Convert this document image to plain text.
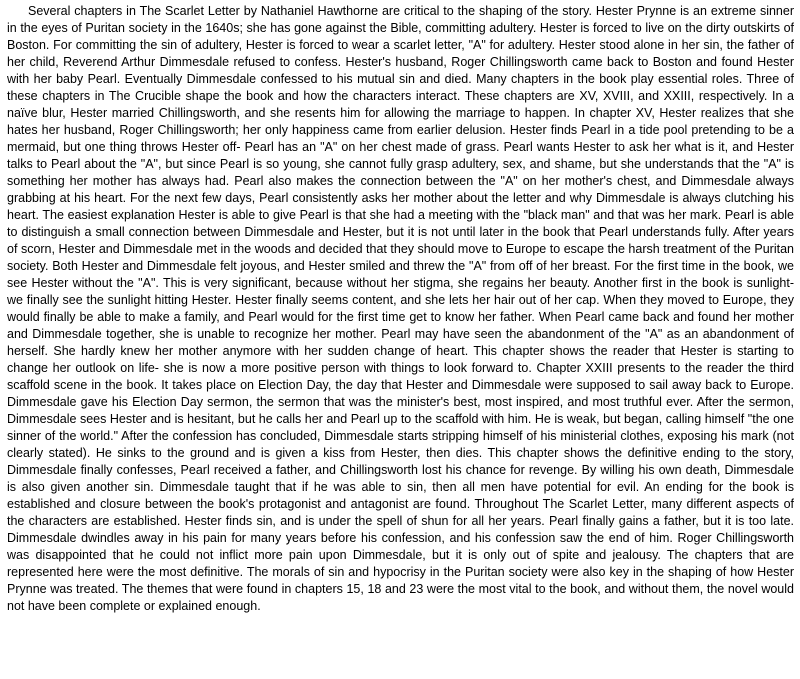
Several chapters in The Scarlet Letter by Nathaniel Hawthorne are critical to the shaping of the story. Hester Prynne is an extreme sinner in the eyes of Puritan society in the 1640s; she has gone against the Bible, committing adultery. Hester is forced to live on the dirty outskirts of Boston. For committing the sin of adultery, Hester is forced to wear a scarlet letter, "A" for adultery. Hester stood alone in her sin, the father of her child, Reverend Arthur Dimmesdale refused to confess. Hester's husband, Roger Chillingsworth came back to Boston and found Hester with her baby Pearl. Eventually Dimmesdale confessed to his mutual sin and died. Many chapters in the book play essential roles. Three of these chapters in The Crucible shape the book and how the characters interact. These chapters are XV, XVIII, and XXIII, respectively. In a naïve blur, Hester married Chillingsworth, and she resents him for allowing the marriage to happen. In chapter XV, Hester realizes that she hates her husband, Roger Chillingsworth; her only happiness came from earlier delusion. Hester finds Pearl in a tide pool pretending to be a mermaid, but one thing throws Hester off- Pearl has an "A" on her chest made of grass. Pearl wants Hester to ask her what is it, and Hester talks to Pearl about the "A", but since Pearl is so young, she cannot fully grasp adultery, sex, and shame, but she understands that the "A" is something her mother has always had. Pearl also makes the connection between the "A" on her mother's chest, and Dimmesdale always grabbing at his heart. For the next few days, Pearl consistently asks her mother about the letter and why Dimmesdale is always clutching his heart. The easiest explanation Hester is able to give Pearl is that she had a meeting with the "black man" and that was her mark. Pearl is able to distinguish a small connection between Dimmesdale and Hester, but it is not until later in the book that Pearl understands fully. After years of scorn, Hester and Dimmesdale met in the woods and decided that they should move to Europe to escape the harsh treatment of the Puritan society. Both Hester and Dimmesdale felt joyous, and Hester smiled and threw the "A" from off of her breast. For the first time in the book, we see Hester without the "A". This is very significant, because without her stigma, she regains her beauty. Another first in the book is sunlight- we finally see the sunlight hitting Hester. Hester finally seems content, and she lets her hair out of her cap. When they moved to Europe, they would finally be able to make a family, and Pearl would for the first time get to know her father. When Pearl came back and found her mother and Dimmesdale together, she is unable to recognize her mother. Pearl may have seen the abandonment of the "A" as an abandonment of herself. She hardly knew her mother anymore with her sudden change of heart. This chapter shows the reader that Hester is starting to change her outlook on life- she is now a more positive person with things to look forward to. Chapter XXIII presents to the reader the third scaffold scene in the book. It takes place on Election Day, the day that Hester and Dimmesdale were supposed to sail away back to Europe. Dimmesdale gave his Election Day sermon, the sermon that was the minister's best, most inspired, and most truthful ever. After the sermon, Dimmesdale sees Hester and is hesitant, but he calls her and Pearl up to the scaffold with him. He is weak, but began, calling himself "the one sinner of the world." After the confession has concluded, Dimmesdale starts stripping himself of his ministerial clothes, exposing his mark (not clearly stated). He sinks to the ground and is given a kiss from Hester, then dies. This chapter shows the definitive ending to the story, Dimmesdale finally confesses, Pearl received a father, and Chillingsworth lost his chance for revenge. By willing his own death, Dimmesdale is also given another sin. Dimmesdale taught that if he was able to sin, then all men have potential for evil. An ending for the book is established and closure between the book's protagonist and antagonist are found. Throughout The Scarlet Letter, many different aspects of the characters are established. Hester finds sin, and is under the spell of shun for all her years. Pearl finally gains a father, but it is too late. Dimmesdale dwindles away in his pain for many years before his confession, and his confession saw the end of him. Roger Chillingsworth was disappointed that he could not inflict more pain upon Dimmesdale, but it is only out of spite and jealousy. The chapters that are represented here were the most definitive. The morals of sin and hypocrisy in the Puritan society were also key in the shaping of how Hester Prynne was treated. The themes that were found in chapters 15, 18 and 23 were the most vital to the book, and without them, the novel would not have been complete or explained enough.
